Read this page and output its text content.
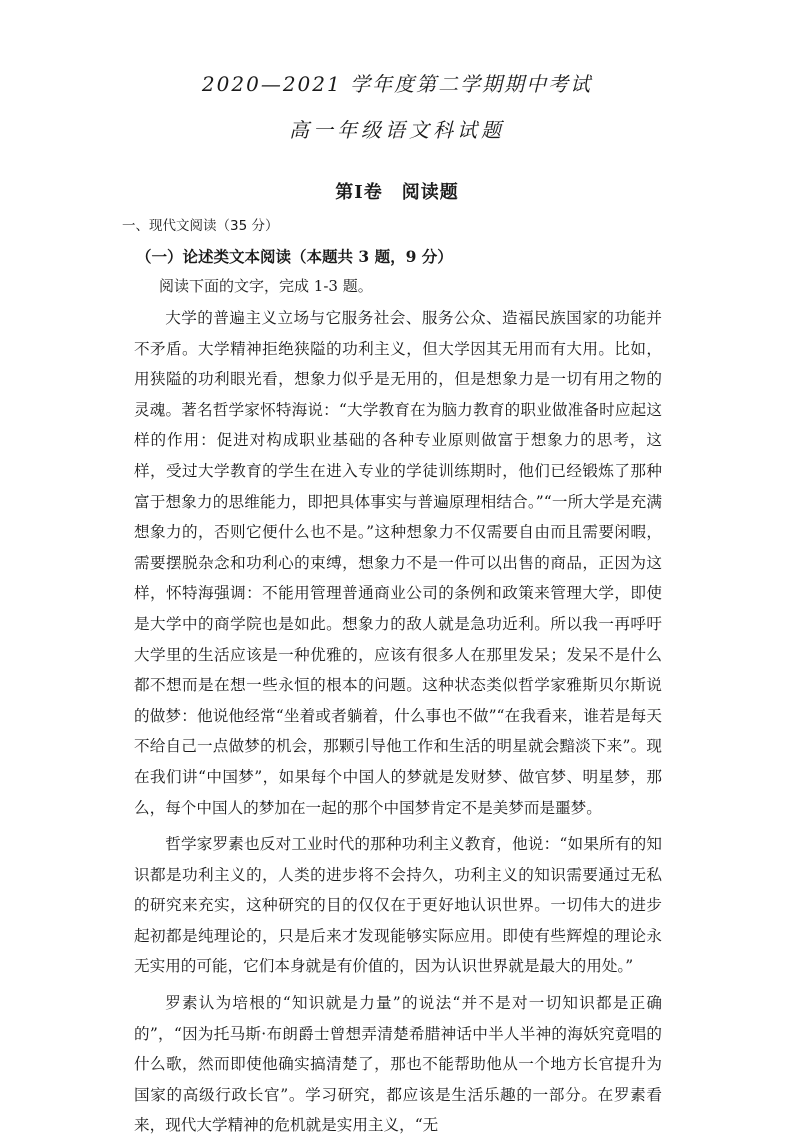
2020—2021 学年度第二学期期中考试
高一年级语文科试题
第Ⅰ卷　阅读题
一、现代文阅读（35 分）
（一）论述类文本阅读（本题共 3 题，9 分）
阅读下面的文字，完成 1-3 题。

大学的普遍主义立场与它服务社会、服务公众、造福民族国家的功能并不矛盾。大学精神拒绝狭隘的功利主义，但大学因其无用而有大用。比如，用狭隘的功利眼光看，想象力似乎是无用的，但是想象力是一切有用之物的灵魂。著名哲学家怀特海说：“大学教育在为脑力教育的职业做准备时应起这样的作用：促进对构成职业基础的各种专业原则做富于想象力的思考，这样，受过大学教育的学生在进入专业的学徒训练期时，他们已经锻炼了那种富于想象力的思维能力，即把具体事实与普遍原理相结合。”“一所大学是充满想象力的，否则它便什么也不是。”这种想象力不仅需要自由而且需要闲暇，需要摆脱杂念和功利心的束缚，想象力不是一件可以出售的商品，正因为这样，怀特海强调：不能用管理普通商业公司的条例和政策来管理大学，即使是大学中的商学院也是如此。想象力的敌人就是急功近利。所以我一再呼吁大学里的生活应该是一种优雅的，应该有很多人在那里发呆；发呆不是什么都不想而是在想一些永恒的根本的问题。这种状态类似哲学家雅斯贝尔斯说的做梦：他说他经常“坐着或者躺着，什么事也不做”“在我看来，谁若是每天不给自己一点做梦的机会，那颗引导他工作和生活的明星就会黯淡下来”。现在我们讲“中国梦”，如果每个中国人的梦就是发财梦、做官梦、明星梦，那么，每个中国人的梦加在一起的那个中国梦肯定不是美梦而是噩梦。

哲学家罗素也反对工业时代的那种功利主义教育，他说：“如果所有的知识都是功利主义的，人类的进步将不会持久，功利主义的知识需要通过无私的研究来充实，这种研究的目的仅仅在于更好地认识世界。一切伟大的进步起初都是纯理论的，只是后来才发现能够实际应用。即使有些辉煌的理论永无实用的可能，它们本身就是有价值的，因为认识世界就是最大的用处。”

罗素认为培根的“知识就是力量”的说法“并不是对一切知识都是正确的”，“因为托马斯·布朗爵士曾想弄清楚希腊神话中半人半神的海妖究竟唱的什么歌，然而即使他确实搞清楚了，那也不能帮助他从一个地方长官提升为国家的高级行政长官”。学习研究，都应该是生活乐趣的一部分。在罗素看来，现代大学精神的危机就是实用主义，“无
